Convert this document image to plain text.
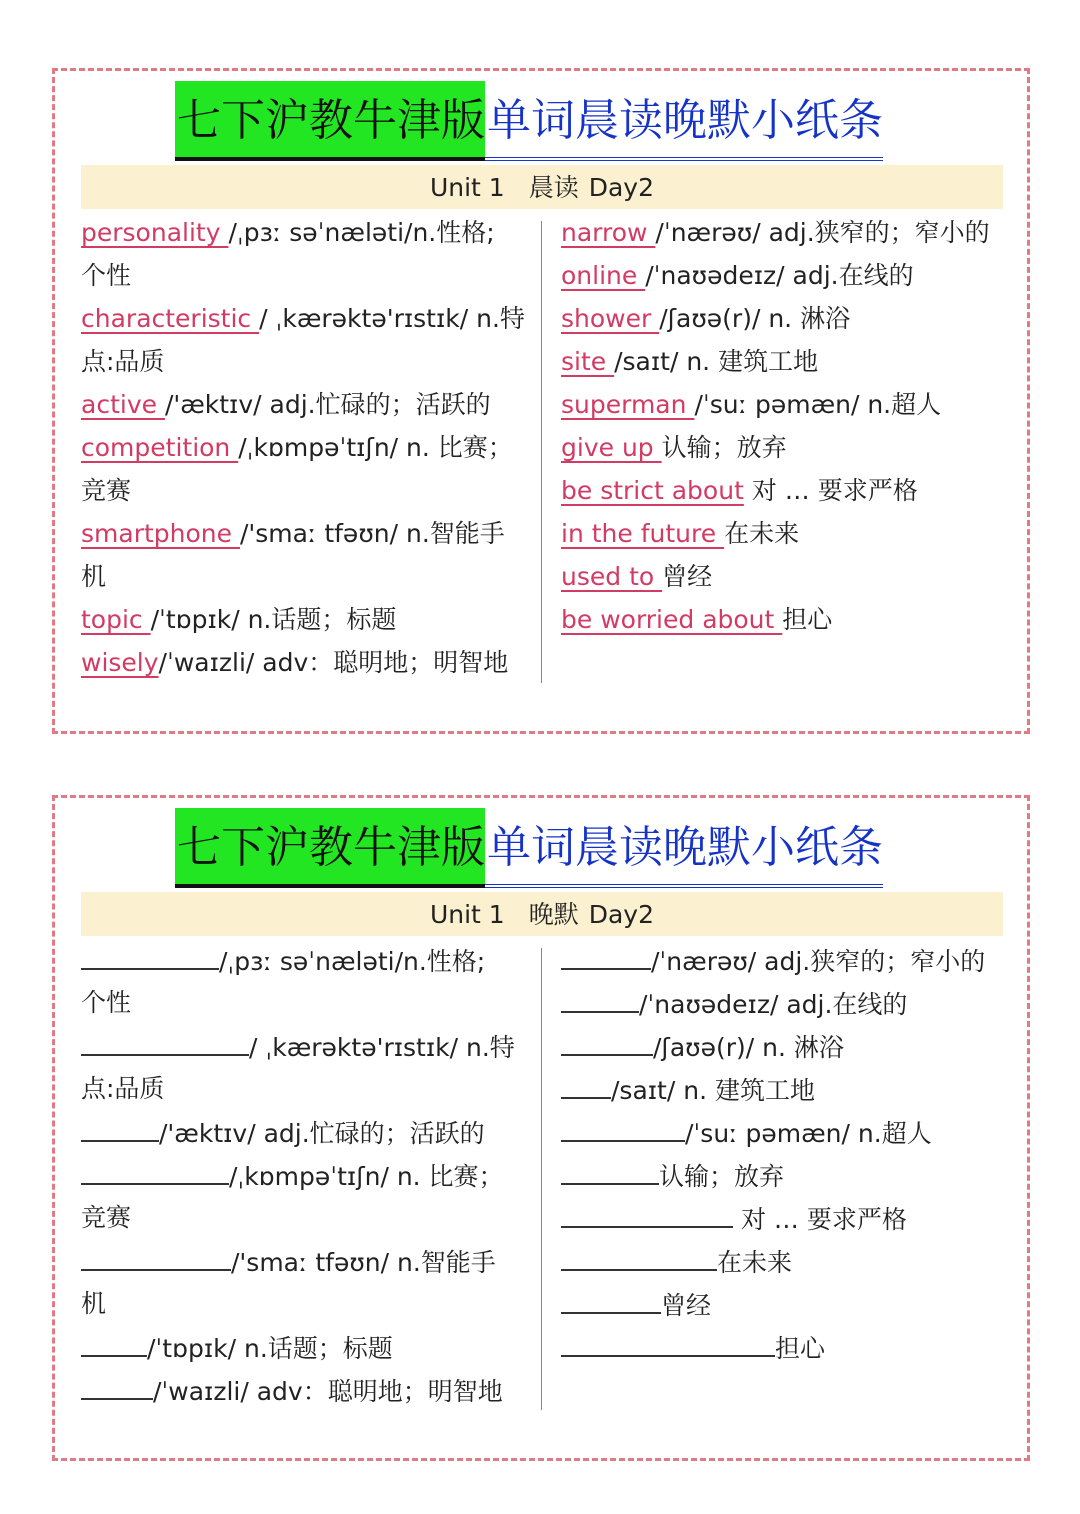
七下沪教牛津版 单词晨读晚默小纸条
Unit 1 晨读 Day2
personality /ˌpɜː səˈnæləti/n.性格;
个性
characteristic / ˌkærəktə'rɪstɪk/ n.特
点:品质
active /'æktɪv/ adj.忙碌的；活跃的
competition /ˌkɒmpəˈtɪʃn/ n. 比赛；
竞赛
smartphone /'smaː tfəʊn/ n.智能手
机
topic /ˈtɒpɪk/ n.话题；标题
wisely/ˈwaɪzli/ adv：聪明地；明智地
narrow /ˈnærəʊ/ adj.狭窄的；窄小的
online /ˈnaʊədeɪz/ adj.在线的
shower /ʃaʊə(r)/ n. 淋浴
site /saɪt/ n. 建筑工地
superman /ˈsuː pəmæn/ n.超人
give up 认输；放弃
be strict about 对 … 要求严格
in the future 在未来
used to 曾经
be worried about 担心
七下沪教牛津版 单词晨读晚默小纸条
Unit 1 晚默 Day2
/ˌpɜː səˈnæləti/n.性格;
个性
/ ˌkærəktə'rɪstɪk/ n.特
点:品质
/'æktɪv/ adj.忙碌的；活跃的
/ˌkɒmpəˈtɪʃn/ n. 比赛；
竞赛
/'smaː tfəʊn/ n.智能手
机
/ˈtɒpɪk/ n.话题；标题
/ˈwaɪzli/ adv：聪明地；明智地
/ˈnærəʊ/ adj.狭窄的；窄小的
/ˈnaʊədeɪz/ adj.在线的
/ʃaʊə(r)/ n. 淋浴
/saɪt/ n. 建筑工地
/ˈsuː pəmæn/ n.超人
认输；放弃
对 … 要求严格
在未来
曾经
担心
